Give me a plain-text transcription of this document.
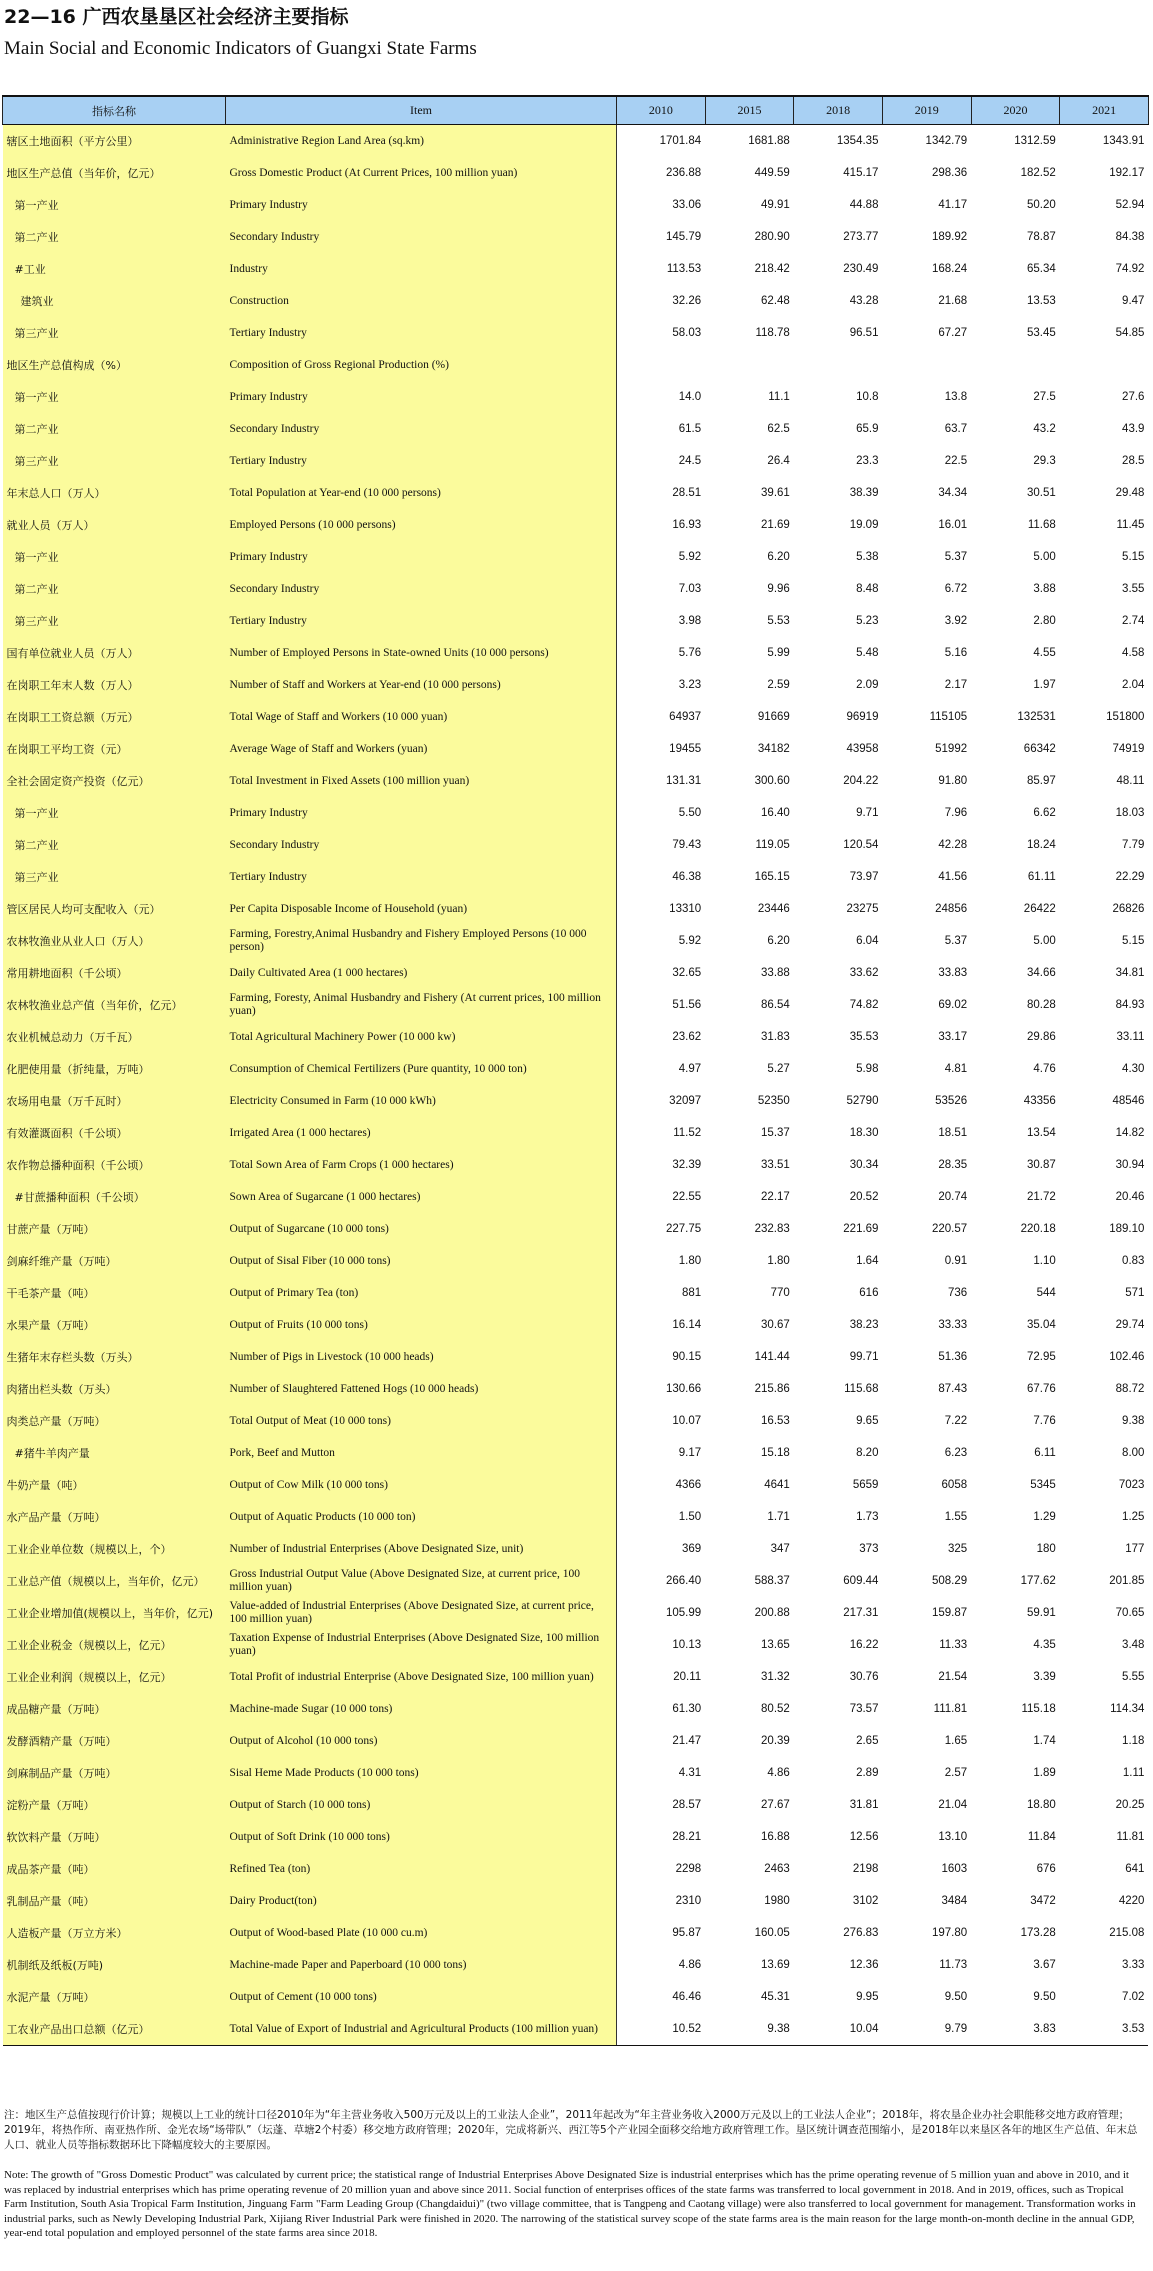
22—16 广西农垦垦区社会经济主要指标
Main Social and Economic Indicators of Guangxi State Farms
指标名称	Item	2010	2015	2018	2019	2020	2021
辖区土地面积（平方公里）	Administrative Region Land Area (sq.km)	1701.84	1681.88	1354.35	1342.79	1312.59	1343.91
地区生产总值（当年价，亿元）	Gross Domestic Product (At Current Prices, 100 million yuan)	236.88	449.59	415.17	298.36	182.52	192.17
第一产业	Primary Industry	33.06	49.91	44.88	41.17	50.20	52.94
第二产业	Secondary Industry	145.79	280.90	273.77	189.92	78.87	84.38
#工业	Industry	113.53	218.42	230.49	168.24	65.34	74.92
建筑业	Construction	32.26	62.48	43.28	21.68	13.53	9.47
第三产业	Tertiary Industry	58.03	118.78	96.51	67.27	53.45	54.85
地区生产总值构成（%）	Composition of Gross Regional Production (%)						
第一产业	Primary Industry	14.0	11.1	10.8	13.8	27.5	27.6
第二产业	Secondary Industry	61.5	62.5	65.9	63.7	43.2	43.9
第三产业	Tertiary Industry	24.5	26.4	23.3	22.5	29.3	28.5
年末总人口（万人）	Total Population at Year-end (10 000 persons)	28.51	39.61	38.39	34.34	30.51	29.48
就业人员（万人）	Employed Persons (10 000 persons)	16.93	21.69	19.09	16.01	11.68	11.45
第一产业	Primary Industry	5.92	6.20	5.38	5.37	5.00	5.15
第二产业	Secondary Industry	7.03	9.96	8.48	6.72	3.88	3.55
第三产业	Tertiary Industry	3.98	5.53	5.23	3.92	2.80	2.74
国有单位就业人员（万人）	Number of Employed Persons in State-owned Units (10 000 persons)	5.76	5.99	5.48	5.16	4.55	4.58
在岗职工年末人数（万人）	Number of Staff and Workers at Year-end (10 000 persons)	3.23	2.59	2.09	2.17	1.97	2.04
在岗职工工资总额（万元）	Total Wage of Staff and Workers (10 000 yuan)	64937	91669	96919	115105	132531	151800
在岗职工平均工资（元）	Average Wage of Staff and Workers (yuan)	19455	34182	43958	51992	66342	74919
全社会固定资产投资（亿元）	Total Investment in Fixed Assets (100 million yuan)	131.31	300.60	204.22	91.80	85.97	48.11
第一产业	Primary Industry	5.50	16.40	9.71	7.96	6.62	18.03
第二产业	Secondary Industry	79.43	119.05	120.54	42.28	18.24	7.79
第三产业	Tertiary Industry	46.38	165.15	73.97	41.56	61.11	22.29
管区居民人均可支配收入（元）	Per Capita Disposable Income of Household (yuan)	13310	23446	23275	24856	26422	26826
农林牧渔业从业人口（万人）	Farming, Forestry,Animal Husbandry and Fishery Employed Persons (10 000 person)	5.92	6.20	6.04	5.37	5.00	5.15
常用耕地面积（千公顷）	Daily Cultivated Area (1 000 hectares)	32.65	33.88	33.62	33.83	34.66	34.81
农林牧渔业总产值（当年价，亿元）	Farming, Foresty, Animal Husbandry and Fishery (At current prices, 100 million yuan)	51.56	86.54	74.82	69.02	80.28	84.93
农业机械总动力（万千瓦）	Total Agricultural Machinery Power (10 000 kw)	23.62	31.83	35.53	33.17	29.86	33.11
化肥使用量（折纯量，万吨）	Consumption of Chemical Fertilizers (Pure quantity, 10 000 ton)	4.97	5.27	5.98	4.81	4.76	4.30
农场用电量（万千瓦时）	Electricity Consumed in Farm (10 000 kWh)	32097	52350	52790	53526	43356	48546
有效灌溉面积（千公顷）	Irrigated Area (1 000 hectares)	11.52	15.37	18.30	18.51	13.54	14.82
农作物总播种面积（千公顷）	Total Sown Area of Farm Crops (1 000 hectares)	32.39	33.51	30.34	28.35	30.87	30.94
#甘蔗播种面积（千公顷）	Sown Area of Sugarcane (1 000 hectares)	22.55	22.17	20.52	20.74	21.72	20.46
甘蔗产量（万吨）	Output of Sugarcane (10 000 tons)	227.75	232.83	221.69	220.57	220.18	189.10
剑麻纤维产量（万吨）	Output of Sisal Fiber (10 000 tons)	1.80	1.80	1.64	0.91	1.10	0.83
干毛茶产量（吨）	Output of Primary Tea (ton)	881	770	616	736	544	571
水果产量（万吨）	Output of Fruits (10 000 tons)	16.14	30.67	38.23	33.33	35.04	29.74
生猪年末存栏头数（万头）	Number of Pigs in Livestock (10 000 heads)	90.15	141.44	99.71	51.36	72.95	102.46
肉猪出栏头数（万头）	Number of Slaughtered Fattened Hogs (10 000 heads)	130.66	215.86	115.68	87.43	67.76	88.72
肉类总产量（万吨）	Total Output of Meat (10 000 tons)	10.07	16.53	9.65	7.22	7.76	9.38
#猪牛羊肉产量	Pork, Beef and Mutton	9.17	15.18	8.20	6.23	6.11	8.00
牛奶产量（吨）	Output of Cow Milk (10 000 tons)	4366	4641	5659	6058	5345	7023
水产品产量（万吨）	Output of Aquatic Products (10 000 ton)	1.50	1.71	1.73	1.55	1.29	1.25
工业企业单位数（规模以上，个）	Number of Industrial Enterprises (Above Designated Size, unit)	369	347	373	325	180	177
工业总产值（规模以上，当年价，亿元）	Gross Industrial Output Value (Above Designated Size, at current price, 100 million yuan)	266.40	588.37	609.44	508.29	177.62	201.85
工业企业增加值(规模以上，当年价，亿元)	Value-added of Industrial Enterprises (Above Designated Size, at current price, 100 million yuan)	105.99	200.88	217.31	159.87	59.91	70.65
工业企业税金（规模以上，亿元）	Taxation Expense of Industrial Enterprises (Above Designated Size, 100 million yuan)	10.13	13.65	16.22	11.33	4.35	3.48
工业企业利润（规模以上，亿元）	Total Profit of industrial Enterprise (Above Designated Size, 100 million yuan)	20.11	31.32	30.76	21.54	3.39	5.55
成品糖产量（万吨）	Machine-made Sugar (10 000 tons)	61.30	80.52	73.57	111.81	115.18	114.34
发酵酒精产量（万吨）	Output of Alcohol (10 000 tons)	21.47	20.39	2.65	1.65	1.74	1.18
剑麻制品产量（万吨）	Sisal Heme Made Products (10 000 tons)	4.31	4.86	2.89	2.57	1.89	1.11
淀粉产量（万吨）	Output of Starch (10 000 tons)	28.57	27.67	31.81	21.04	18.80	20.25
软饮料产量（万吨）	Output of Soft Drink (10 000 tons)	28.21	16.88	12.56	13.10	11.84	11.81
成品茶产量（吨）	Refined Tea (ton)	2298	2463	2198	1603	676	641
乳制品产量（吨）	Dairy Product(ton)	2310	1980	3102	3484	3472	4220
人造板产量（万立方米）	Output of Wood-based Plate (10 000 cu.m)	95.87	160.05	276.83	197.80	173.28	215.08
机制纸及纸板(万吨)	Machine-made Paper and Paperboard (10 000 tons)	4.86	13.69	12.36	11.73	3.67	3.33
水泥产量（万吨）	Output of Cement (10 000 tons)	46.46	45.31	9.95	9.50	9.50	7.02
工农业产品出口总额（亿元）	Total Value of Export of Industrial and Agricultural Products (100 million yuan)	10.52	9.38	10.04	9.79	3.83	3.53
注：地区生产总值按现行价计算；规模以上工业的统计口径2010年为“年主营业务收入500万元及以上的工业法人企业”，2011年起改为“年主营业务收入2000万元及以上的工业法人企业”；2018年，将农垦企业办社会职能移交地方政府管理；2019年，将热作所、南亚热作所、金光农场“场带队”（坛蓬、草塘2个村委）移交地方政府管理；2020年，完成将新兴、西江等5个产业园全面移交给地方政府管理工作。垦区统计调查范围缩小，是2018年以来垦区各年的地区生产总值、年末总人口、就业人员等指标数据环比下降幅度较大的主要原因。
Note: The growth of "Gross Domestic Product" was calculated by current price; the statistical range of Industrial Enterprises Above Designated Size is industrial enterprises which has the prime operating revenue of 5 million yuan and above in 2010, and it was replaced by industrial enterprises which has prime operating revenue of 20 million yuan and above since 2011. Social function of enterprises offices of the state farms was transferred to local government in 2018. And in 2019, offices, such as Tropical Farm Institution, South Asia Tropical Farm Institution, Jinguang Farm "Farm Leading Group (Changdaidui)" (two village committee, that is Tangpeng and Caotang village) were also transferred to local government for management. Transformation works in industrial parks, such as Newly Developing Industrial Park, Xijiang River Industrial Park were finished in 2020. The narrowing of the statistical survey scope of the state farms area is the main reason for the large month-on-month decline in the annual GDP, year-end total population and employed personnel of the state farms area since 2018.
